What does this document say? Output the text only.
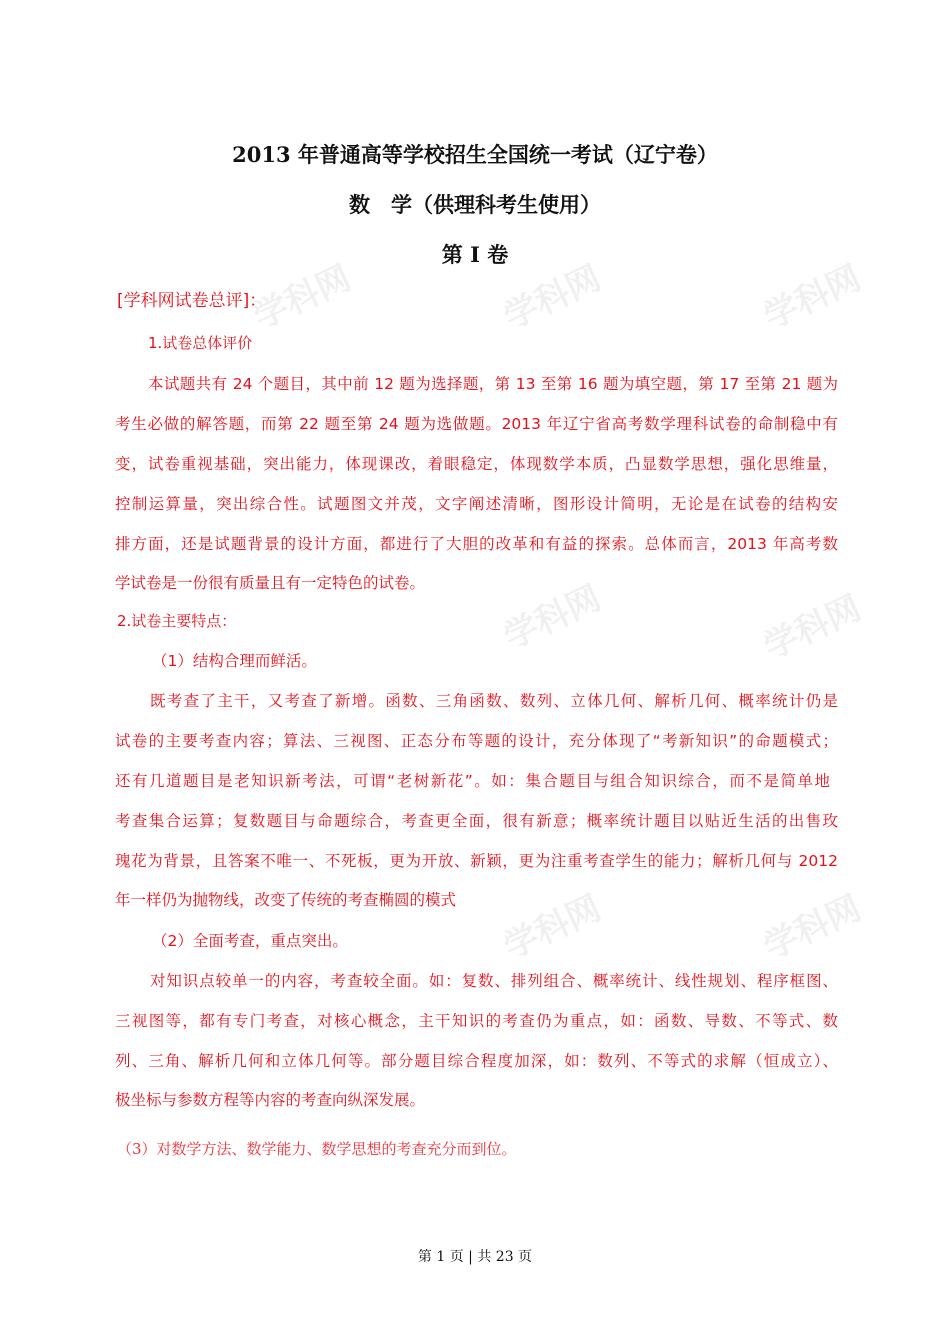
学科网	学科网	学科网
学科网	学科网
学科网	学科网
2013 年普通高等学校招生全国统一考试（辽宁卷）
数　学（供理科考生使用）
第 I 卷
[学科网试卷总评]：
1.试卷总体评价
本试题共有 24 个题目，其中前 12 题为选择题，第 13 至第 16 题为填空题，第 17 至第 21 题为
考生必做的解答题，而第 22 题至第 24 题为选做题。2013 年辽宁省高考数学理科试卷的命制稳中有
变，试卷重视基础，突出能力，体现课改，着眼稳定，体现数学本质，凸显数学思想，强化思维量，
控制运算量，突出综合性。试题图文并茂，文字阐述清晰，图形设计简明，无论是在试卷的结构安
排方面，还是试题背景的设计方面，都进行了大胆的改革和有益的探索。总体而言，2013 年高考数
学试卷是一份很有质量且有一定特色的试卷。
2.试卷主要特点：
（1）结构合理而鲜活。
既考查了主干，又考查了新增。函数、三角函数、数列、立体几何、解析几何、概率统计仍是
试卷的主要考查内容；算法、三视图、正态分布等题的设计，充分体现了“考新知识”的命题模式；
还有几道题目是老知识新考法，可谓“老树新花”。如：集合题目与组合知识综合，而不是简单地
考查集合运算；复数题目与命题综合，考查更全面，很有新意；概率统计题目以贴近生活的出售玫
瑰花为背景，且答案不唯一、不死板，更为开放、新颖，更为注重考查学生的能力；解析几何与 2012
年一样仍为抛物线，改变了传统的考查椭圆的模式
（2）全面考查，重点突出。
对知识点较单一的内容，考查较全面。如：复数、排列组合、概率统计、线性规划、程序框图、
三视图等，都有专门考查，对核心概念，主干知识的考查仍为重点，如：函数、导数、不等式、数
列、三角、解析几何和立体几何等。部分题目综合程度加深，如：数列、不等式的求解（恒成立）、
极坐标与参数方程等内容的考查向纵深发展。
（3）对数学方法、数学能力、数学思想的考查充分而到位。
第 1 页 | 共 23 页
